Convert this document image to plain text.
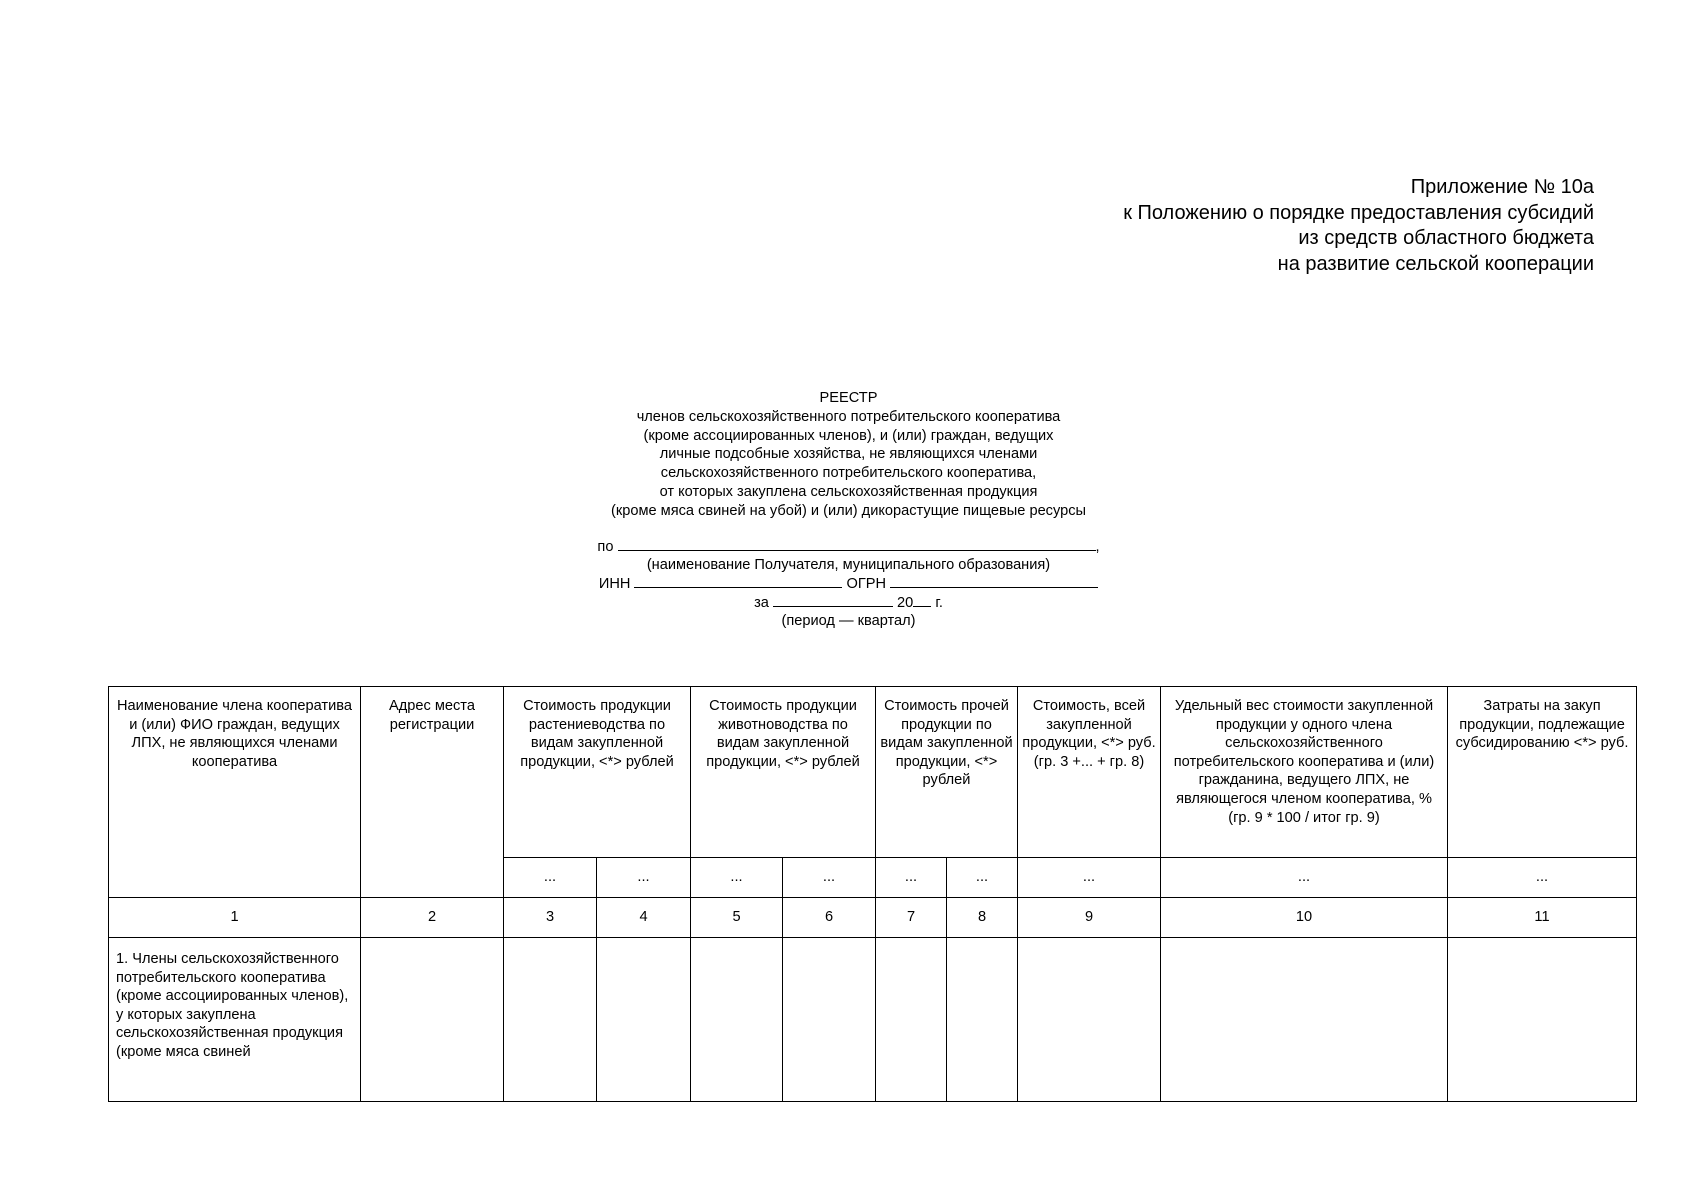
Приложение № 10а
к Положению о порядке предоставления субсидий
из средств областного бюджета
на развитие сельской кооперации
РЕЕСТР
членов сельскохозяйственного потребительского кооператива
(кроме ассоциированных членов), и (или) граждан, ведущих
личные подсобные хозяйства, не являющихся членами
сельскохозяйственного потребительского кооператива,
от которых закуплена сельскохозяйственная продукция
(кроме мяса свиней на убой) и (или) дикорастущие пищевые ресурсы
по	,
(наименование Получателя, муниципального образования)
ИНН	ОГРН
за	20 г.
(период — квартал)
Наименование члена кооператива и (или) ФИО граждан, ведущих ЛПХ, не являющихся членами кооператива	Адрес места регистрации	Стоимость продукции растениеводства по видам закупленной продукции, <*> рублей		Стоимость продукции животноводства по видам закупленной продукции, <*> рублей		Стоимость прочей продукции по видам закупленной продукции, <*> рублей		Стоимость, всей закупленной продукции, <*> руб. (гр. 3 +... + гр. 8)	Удельный вес стоимости закупленной продукции у одного члена сельскохозяйственного потребительского кооператива и (или) гражданина, ведущего ЛПХ, не являющегося членом кооператива, % (гр. 9 * 100 / итог гр. 9)	Затраты на закуп продукции, подлежащие субсидированию <*> руб.
		...	...	...	...	...	...	...	...	...
1	2	3	4	5	6	7	8	9	10	11
1. Члены сельскохозяйственного потребительского кооператива (кроме ассоциированных членов), у которых закуплена сельскохозяйственная продукция (кроме мяса свиней										
